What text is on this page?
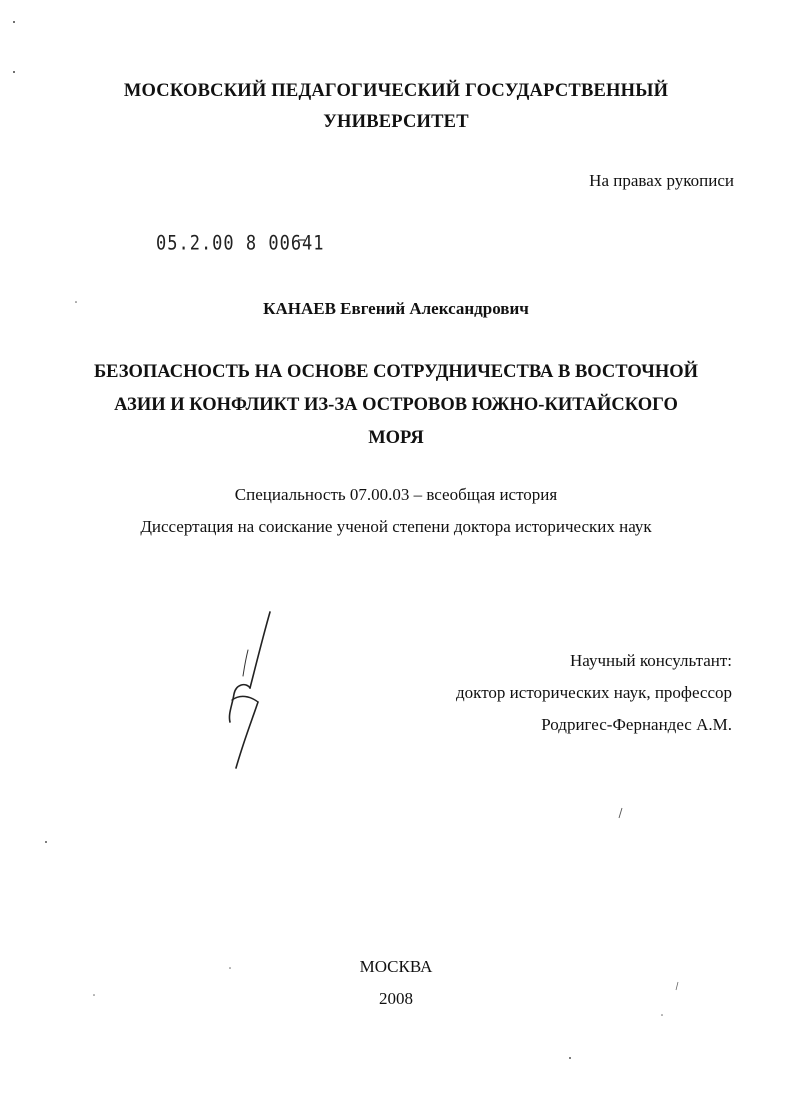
МОСКОВСКИЙ ПЕДАГОГИЧЕСКИЙ ГОСУДАРСТВЕННЫЙ
УНИВЕРСИТЕТ
На правах рукописи
05.2.00 8 00641
КАНАЕВ Евгений Александрович
БЕЗОПАСНОСТЬ НА ОСНОВЕ СОТРУДНИЧЕСТВА В ВОСТОЧНОЙ
АЗИИ И КОНФЛИКТ ИЗ-ЗА ОСТРОВОВ ЮЖНО-КИТАЙСКОГО
МОРЯ
Специальность 07.00.03 – всеобщая история
Диссертация на соискание ученой степени доктора исторических наук
Научный консультант:
доктор исторических наук, профессор
Родригес-Фернандес А.М.
МОСКВА
2008
